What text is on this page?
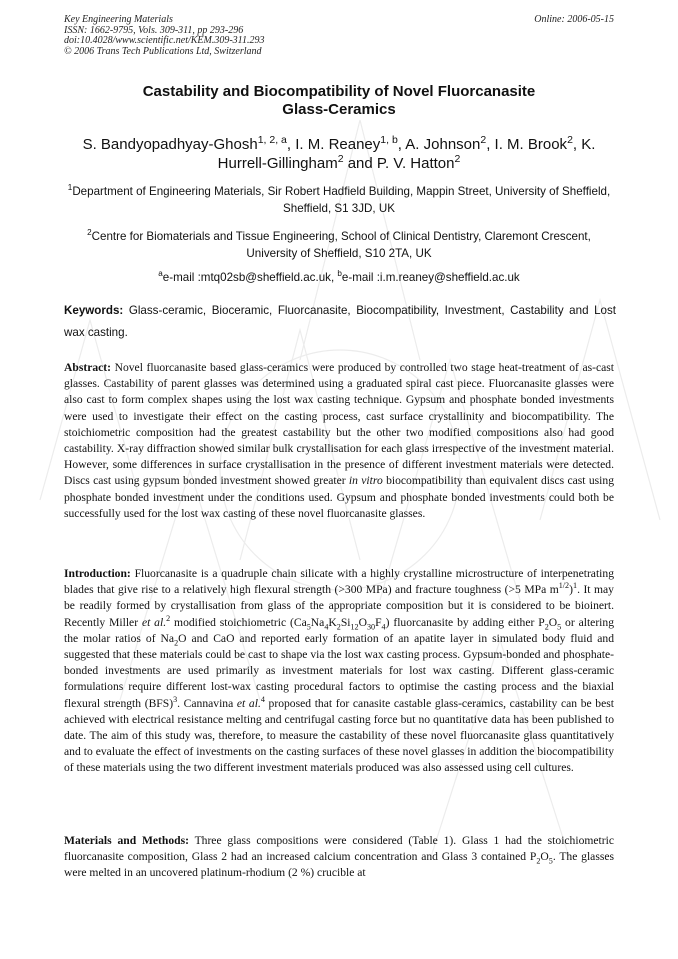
Key Engineering Materials
ISSN: 1662-9795, Vols. 309-311, pp 293-296
doi:10.4028/www.scientific.net/KEM.309-311.293
© 2006 Trans Tech Publications Ltd, Switzerland
Online: 2006-05-15
Castability and Biocompatibility of Novel Fluorcanasite
Glass-Ceramics
S. Bandyopadhyay-Ghosh$^{1, 2, a}$, I. M. Reaney$^{1, b}$, A. Johnson$^2$, I. M. Brook$^2$, K. Hurrell-Gillingham$^2$ and P. V. Hatton$^2$
$^1$Department of Engineering Materials, Sir Robert Hadfield Building, Mappin Street, University of Sheffield, Sheffield, S1 3JD, UK
$^2$Centre for Biomaterials and Tissue Engineering, School of Clinical Dentistry, Claremont Crescent, University of Sheffield, S10 2TA, UK
$^a$e-mail :mtq02sb@sheffield.ac.uk, $^b$e-mail :i.m.reaney@sheffield.ac.uk
Keywords: Glass-ceramic, Bioceramic, Fluorcanasite, Biocompatibility, Investment, Castability and Lost wax casting.
Abstract: Novel fluorcanasite based glass-ceramics were produced by controlled two stage heat-treatment of as-cast glasses. Castability of parent glasses was determined using a graduated spiral cast piece. Fluorcanasite glasses were also cast to form complex shapes using the lost wax casting technique. Gypsum and phosphate bonded investments were used to investigate their effect on the casting process, cast surface crystallinity and biocompatibility. The stoichiometric composition had the greatest castability but the other two modified compositions also had good castability. X-ray diffraction showed similar bulk crystallisation for each glass irrespective of the investment material. However, some differences in surface crystallisation in the presence of different investment materials were detected. Discs cast using gypsum bonded investment showed greater in vitro biocompatibility than equivalent discs cast using phosphate bonded investment under the conditions used. Gypsum and phosphate bonded investments could both be successfully used for the lost wax casting of these novel fluorcanasite glasses.
Introduction: Fluorcanasite is a quadruple chain silicate with a highly crystalline microstructure of interpenetrating blades that give rise to a relatively high flexural strength (>300 MPa) and fracture toughness (>5 MPa $m^{1/2})^1$. It may be readily formed by crystallisation from glass of the appropriate composition but it is considered to be bioinert. Recently Miller et al.$^2$ modified stoichiometric $(Ca_5Na_4K_2Si_{12}O_{30}F_4)$ fluorcanasite by adding either $P_2O_5$ or altering the molar ratios of $Na_2O$ and CaO and reported early formation of an apatite layer in simulated body fluid and suggested that these materials could be cast to shape via the lost wax casting process. Gypsum-bonded and phosphate-bonded investments are used primarily as investment materials for lost wax casting. Different glass-ceramic formulations require different lost-wax casting procedural factors to optimise the casting process and the biaxial flexural strength (BFS)$^3$. Cannavina et al.$^4$ proposed that for canasite castable glass-ceramics, castability can be best achieved with electrical resistance melting and centrifugal casting force but no quantitative data has been published to date. The aim of this study was, therefore, to measure the castability of these novel fluorcanasite glass quantitatively and to evaluate the effect of investments on the casting surfaces of these novel glasses in addition the biocompatibility of these materials using the two different investment materials produced was also assessed using cell cultures.
Materials and Methods: Three glass compositions were considered (Table 1). Glass 1 had the stoichiometric fluorcanasite composition, Glass 2 had an increased calcium concentration and Glass 3 contained $P_2O_5$. The glasses were melted in an uncovered platinum-rhodium (2 %) crucible at
